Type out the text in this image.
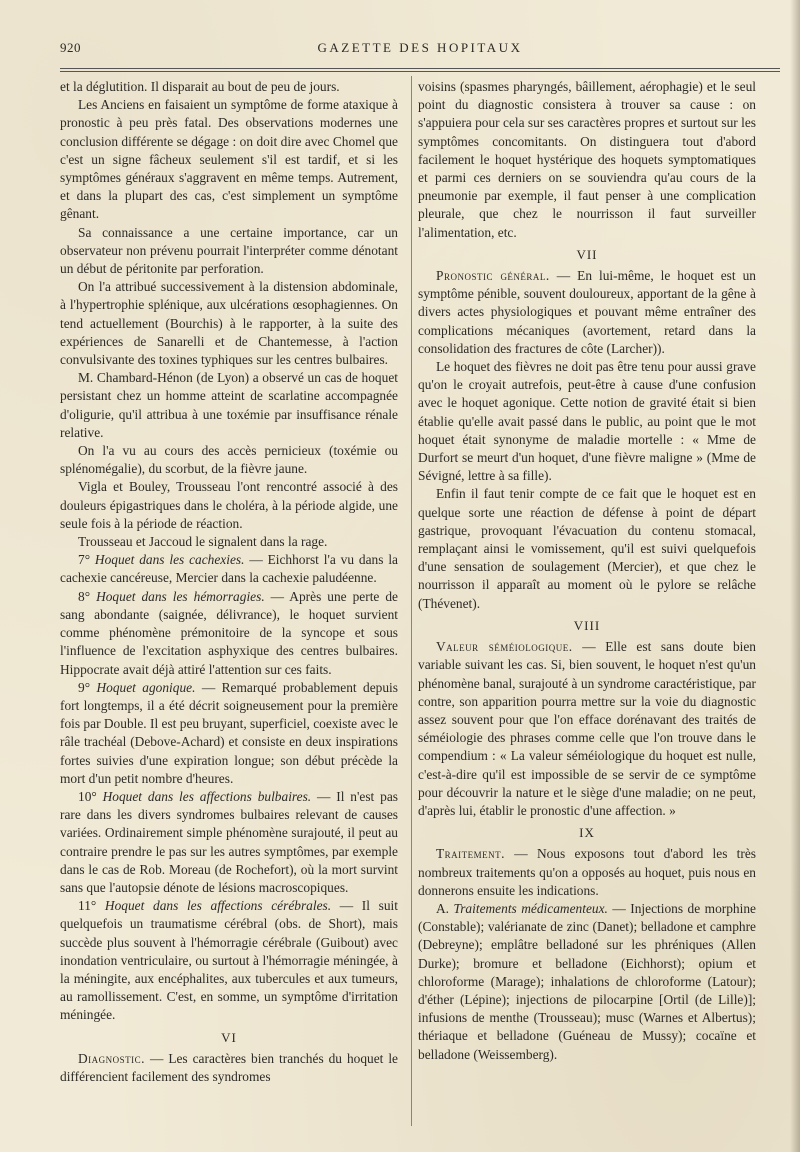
920	GAZETTE DES HOPITAUX

et la déglutition. Il disparait au bout de peu de jours.

Les Anciens en faisaient un symptôme de forme ataxique à pronostic à peu près fatal. Des observations modernes une conclusion différente se dégage : on doit dire avec Chomel que c'est un signe fâcheux seulement s'il est tardif, et si les symptômes généraux s'aggravent en même temps. Autrement, et dans la plupart des cas, c'est simplement un symptôme gênant.

Sa connaissance a une certaine importance, car un observateur non prévenu pourrait l'interpréter comme dénotant un début de péritonite par perforation.

On l'a attribué successivement à la distension abdominale, à l'hypertrophie splénique, aux ulcérations œsophagiennes. On tend actuellement (Bourchis) à le rapporter, à la suite des expériences de Sanarelli et de Chantemesse, à l'action convulsivante des toxines typhiques sur les centres bulbaires.

M. Chambard-Hénon (de Lyon) a observé un cas de hoquet persistant chez un homme atteint de scarlatine accompagnée d'oligurie, qu'il attribua à une toxémie par insuffisance rénale relative.

On l'a vu au cours des accès pernicieux (toxémie ou splénomégalie), du scorbut, de la fièvre jaune.

Vigla et Bouley, Trousseau l'ont rencontré associé à des douleurs épigastriques dans le choléra, à la période algide, une seule fois à la période de réaction.

Trousseau et Jaccoud le signalent dans la rage.

7° Hoquet dans les cachexies. — Eichhorst l'a vu dans la cachexie cancéreuse, Mercier dans la cachexie paludéenne.

8° Hoquet dans les hémorragies. — Après une perte de sang abondante (saignée, délivrance), le hoquet survient comme phénomène prémonitoire de la syncope et sous l'influence de l'excitation asphyxique des centres bulbaires. Hippocrate avait déjà attiré l'attention sur ces faits.

9° Hoquet agonique. — Remarqué probablement depuis fort longtemps, il a été décrit soigneusement pour la première fois par Double. Il est peu bruyant, superficiel, coexiste avec le râle trachéal (Debove-Achard) et consiste en deux inspirations fortes suivies d'une expiration longue; son début précède la mort d'un petit nombre d'heures.

10° Hoquet dans les affections bulbaires. — Il n'est pas rare dans les divers syndromes bulbaires relevant de causes variées. Ordinairement simple phénomène surajouté, il peut au contraire prendre le pas sur les autres symptômes, par exemple dans le cas de Rob. Moreau (de Rochefort), où la mort survint sans que l'autopsie dénote de lésions macroscopiques.

11° Hoquet dans les affections cérébrales. — Il suit quelquefois un traumatisme cérébral (obs. de Short), mais succède plus souvent à l'hémorragie cérébrale (Guibout) avec inondation ventriculaire, ou surtout à l'hémorragie méningée, à la méningite, aux encéphalites, aux tubercules et aux tumeurs, au ramollissement. C'est, en somme, un symptôme d'irritation méningée.

VI

Diagnostic. — Les caractères bien tranchés du hoquet le différencient facilement des syndromes

voisins (spasmes pharyngés, bâillement, aérophagie) et le seul point du diagnostic consistera à trouver sa cause : on s'appuiera pour cela sur ses caractères propres et surtout sur les symptômes concomitants. On distinguera tout d'abord facilement le hoquet hystérique des hoquets symptomatiques et parmi ces derniers on se souviendra qu'au cours de la pneumonie par exemple, il faut penser à une complication pleurale, que chez le nourrisson il faut surveiller l'alimentation, etc.

VII

Pronostic général. — En lui-même, le hoquet est un symptôme pénible, souvent douloureux, apportant de la gêne à divers actes physiologiques et pouvant même entraîner des complications mécaniques (avortement, retard dans la consolidation des fractures de côte (Larcher)).

Le hoquet des fièvres ne doit pas être tenu pour aussi grave qu'on le croyait autrefois, peut-être à cause d'une confusion avec le hoquet agonique. Cette notion de gravité était si bien établie qu'elle avait passé dans le public, au point que le mot hoquet était synonyme de maladie mortelle : « Mme de Durfort se meurt d'un hoquet, d'une fièvre maligne » (Mme de Sévigné, lettre à sa fille).

Enfin il faut tenir compte de ce fait que le hoquet est en quelque sorte une réaction de défense à point de départ gastrique, provoquant l'évacuation du contenu stomacal, remplaçant ainsi le vomissement, qu'il est suivi quelquefois d'une sensation de soulagement (Mercier), et que chez le nourrisson il apparaît au moment où le pylore se relâche (Thévenet).

VIII

Valeur séméiologique. — Elle est sans doute bien variable suivant les cas. Si, bien souvent, le hoquet n'est qu'un phénomène banal, surajouté à un syndrome caractéristique, par contre, son apparition pourra mettre sur la voie du diagnostic assez souvent pour que l'on efface dorénavant des traités de séméiologie des phrases comme celle que l'on trouve dans le compendium : « La valeur séméiologique du hoquet est nulle, c'est-à-dire qu'il est impossible de se servir de ce symptôme pour découvrir la nature et le siège d'une maladie; on ne peut, d'après lui, établir le pronostic d'une affection. »

IX

Traitement. — Nous exposons tout d'abord les très nombreux traitements qu'on a opposés au hoquet, puis nous en donnerons ensuite les indications.

A. Traitements médicamenteux. — Injections de morphine (Constable); valérianate de zinc (Danet); belladone et camphre (Debreyne); emplâtre belladoné sur les phréniques (Allen Durke); bromure et belladone (Eichhorst); opium et chloroforme (Marage); inhalations de chloroforme (Latour); d'éther (Lépine); injections de pilocarpine [Ortil (de Lille)]; infusions de menthe (Trousseau); musc (Warnes et Albertus); thériaque et belladone (Guéneau de Mussy); cocaïne et belladone (Weissemberg).
